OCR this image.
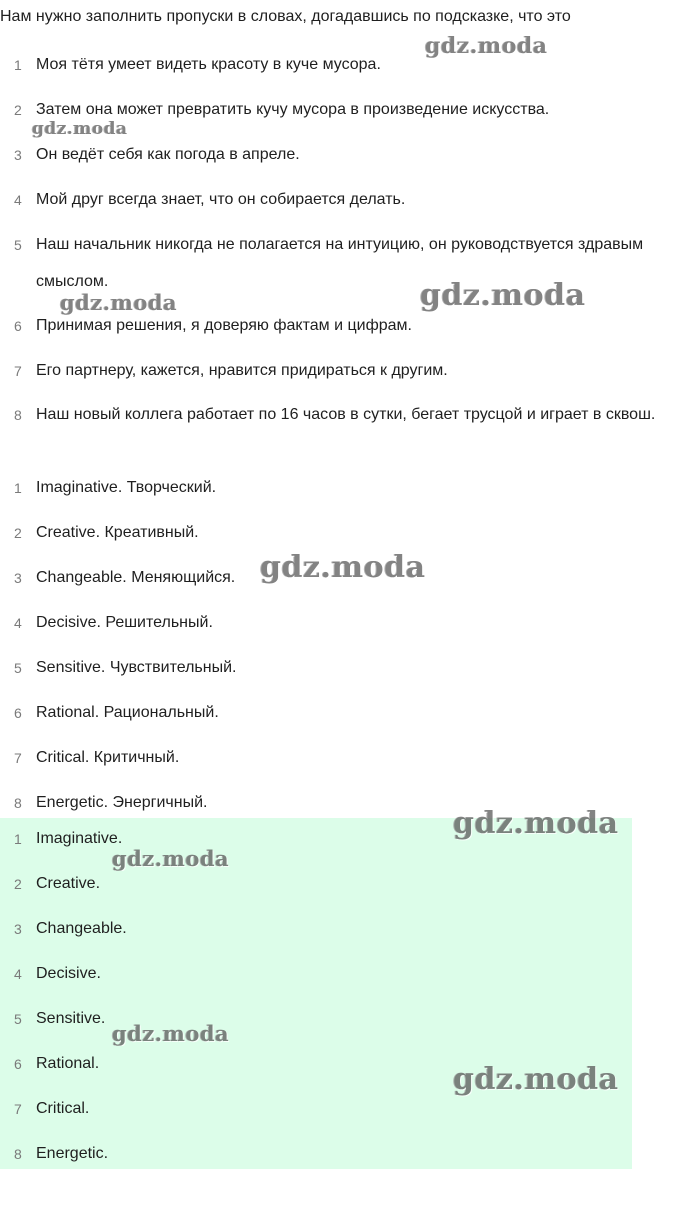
Нам нужно заполнить пропуски в словах, догадавшись по подсказке, что это
1 Моя тётя умеет видеть красоту в куче мусора.
2 Затем она может превратить кучу мусора в произведение искусства.
3 Он ведёт себя как погода в апреле.
4 Мой друг всегда знает, что он собирается делать.
5 Наш начальник никогда не полагается на интуицию, он руководствуется здравым смыслом.
6 Принимая решения, я доверяю фактам и цифрам.
7 Его партнеру, кажется, нравится придираться к другим.
8 Наш новый коллега работает по 16 часов в сутки, бегает трусцой и играет в сквош.
1 Imaginative. Творческий.
2 Creative. Креативный.
3 Changeable. Меняющийся.
4 Decisive. Решительный.
5 Sensitive. Чувствительный.
6 Rational. Рациональный.
7 Critical. Критичный.
8 Energetic. Энергичный.
1 Imaginative.
2 Creative.
3 Changeable.
4 Decisive.
5 Sensitive.
6 Rational.
7 Critical.
8 Energetic.
gdz.moda
gdz.moda
gdz.moda	gdz.moda
gdz.moda
gdz.moda
gdz.moda
gdz.moda
gdz.moda
